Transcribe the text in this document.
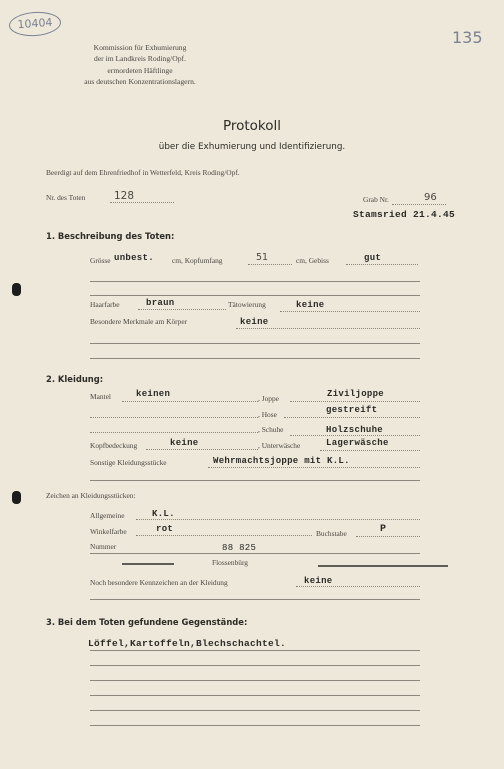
10404
135
Kommission für Exhumierung
der im Landkreis Roding/Opf.
ermordeten Häftlinge
aus deutschen Konzentrationslagern.
Protokoll
über die Exhumierung und Identifizierung.
Beerdigt auf dem Ehrenfriedhof in Wetterfeld, Kreis Roding/Opf.
Nr. des Toten	128	Grab Nr.	96
Stamsried 21.4.45
1. Beschreibung des Toten:
Grösse unbest. cm, Kopfumfang	51	cm, Gebiss	gut
Haarfarbe	braun	Tätowierung	keine
Besondere Merkmale am Körper	keine
2. Kleidung:
Mantel	keinen	, Joppe	Ziviljoppe
, Hose	gestreift
, Schuhe	Holzschuhe
Kopfbedeckung	keine	, Unterwäsche	Lagerwäsche
Sonstige Kleidungsstücke	Wehrmachtsjoppe mit K.L.
Zeichen an Kleidungsstücken:
Allgemeine	K.L.
Winkelfarbe	rot	Buchstabe	P
Nummer	88 825
Flossenbürg
Noch besondere Kennzeichen an der Kleidung	keine
3. Bei dem Toten gefundene Gegenstände:
Löffel,Kartoffeln,Blechschachtel.
